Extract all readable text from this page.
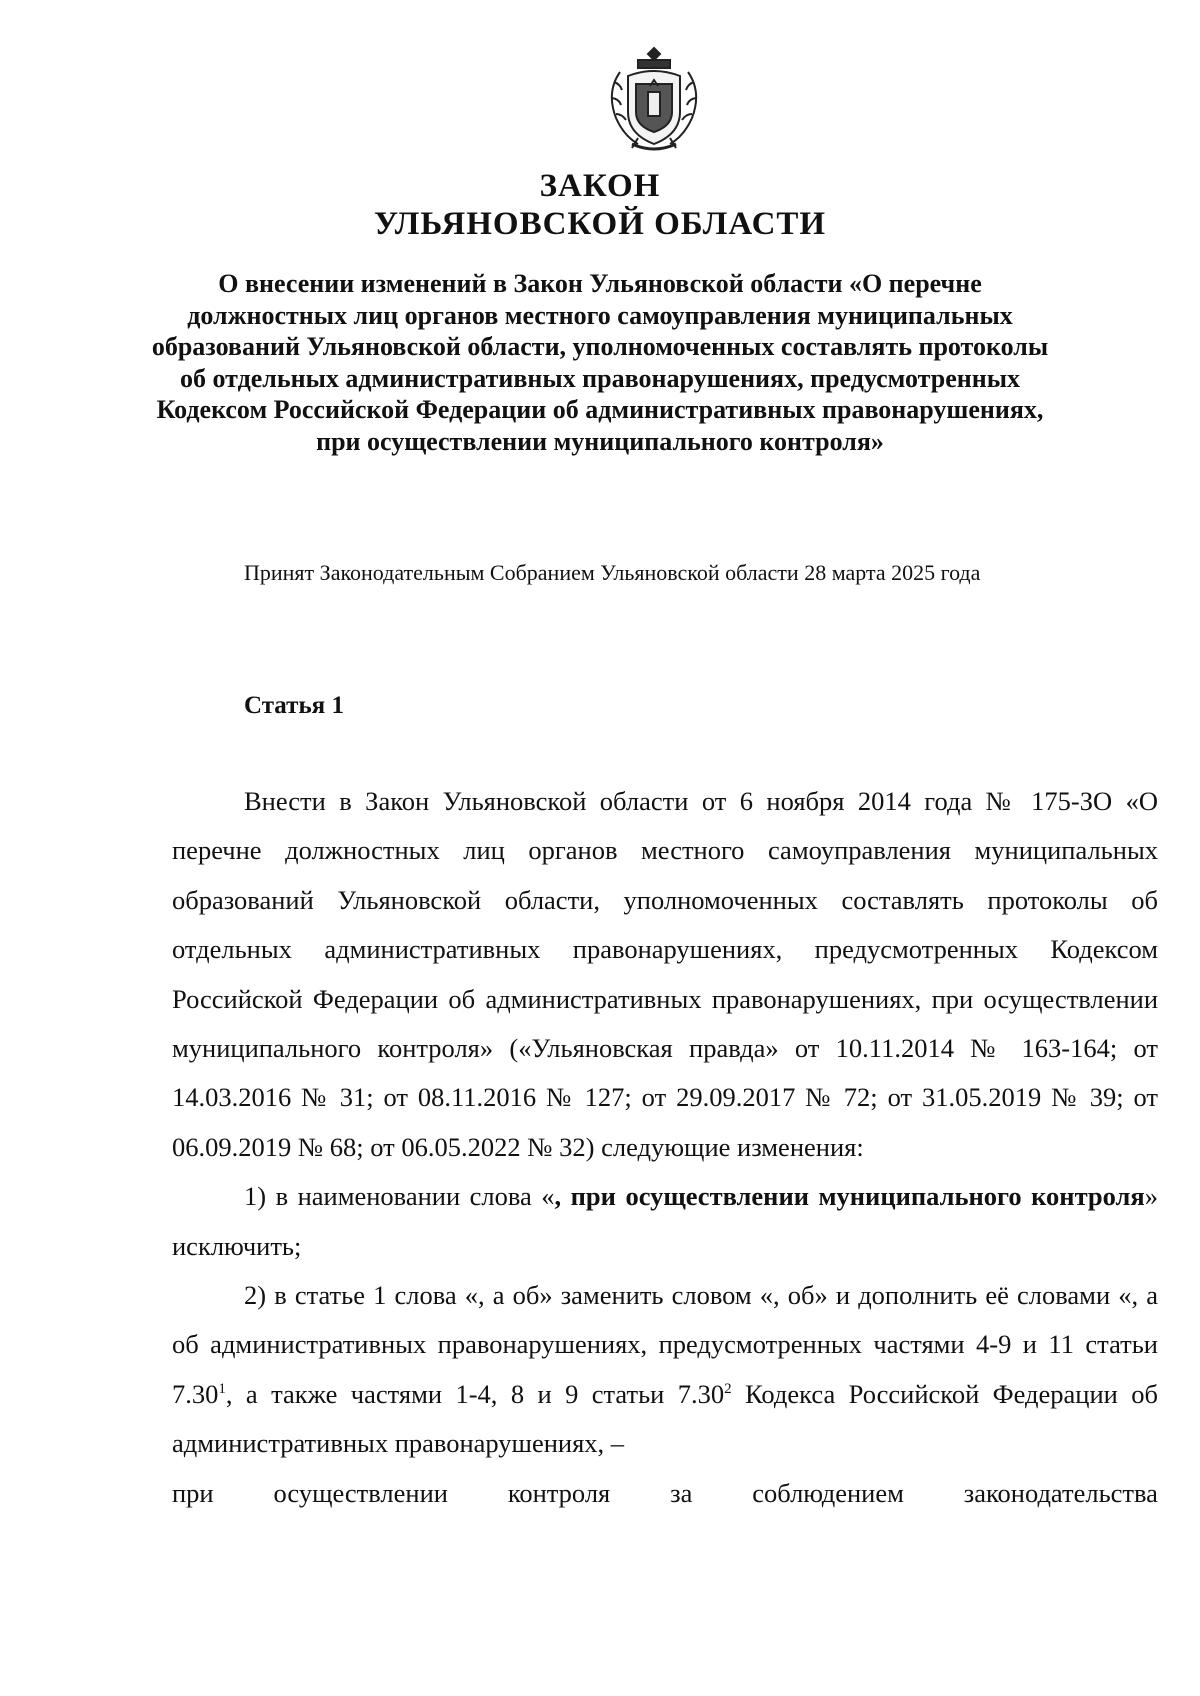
ЗАКОН
УЛЬЯНОВСКОЙ ОБЛАСТИ
О внесении изменений в Закон Ульяновской области «О перечне должностных лиц органов местного самоуправления муниципальных образований Ульяновской области, уполномоченных составлять протоколы об отдельных административных правонарушениях, предусмотренных Кодексом Российской Федерации об административных правонарушениях, при осуществлении муниципального контроля»
Принят Законодательным Собранием Ульяновской области 28 марта 2025 года
Статья 1

Внести в Закон Ульяновской области от 6 ноября 2014 года № 175-ЗО «О перечне должностных лиц органов местного самоуправления муниципальных образований Ульяновской области, уполномоченных составлять протоколы об отдельных административных правонарушениях, предусмотренных Кодексом Российской Федерации об административных правонарушениях, при осуществлении муниципального контроля» («Ульяновская правда» от 10.11.2014 № 163-164; от 14.03.2016 № 31; от 08.11.2016 № 127; от 29.09.2017 № 72; от 31.05.2019 № 39; от 06.09.2019 № 68; от 06.05.2022 № 32) следующие изменения:

1) в наименовании слова «, при осуществлении муниципального контроля» исключить;

2) в статье 1 слова «, а об» заменить словом «, об» и дополнить её словами «, а об административных правонарушениях, предусмотренных частями 4-9 и 11 статьи 7.30$^1$, а также частями 1-4, 8 и 9 статьи 7.30$^2$ Кодекса Российской Федерации об административных правонарушениях, –

при осуществлении контроля за соблюдением законодательства
